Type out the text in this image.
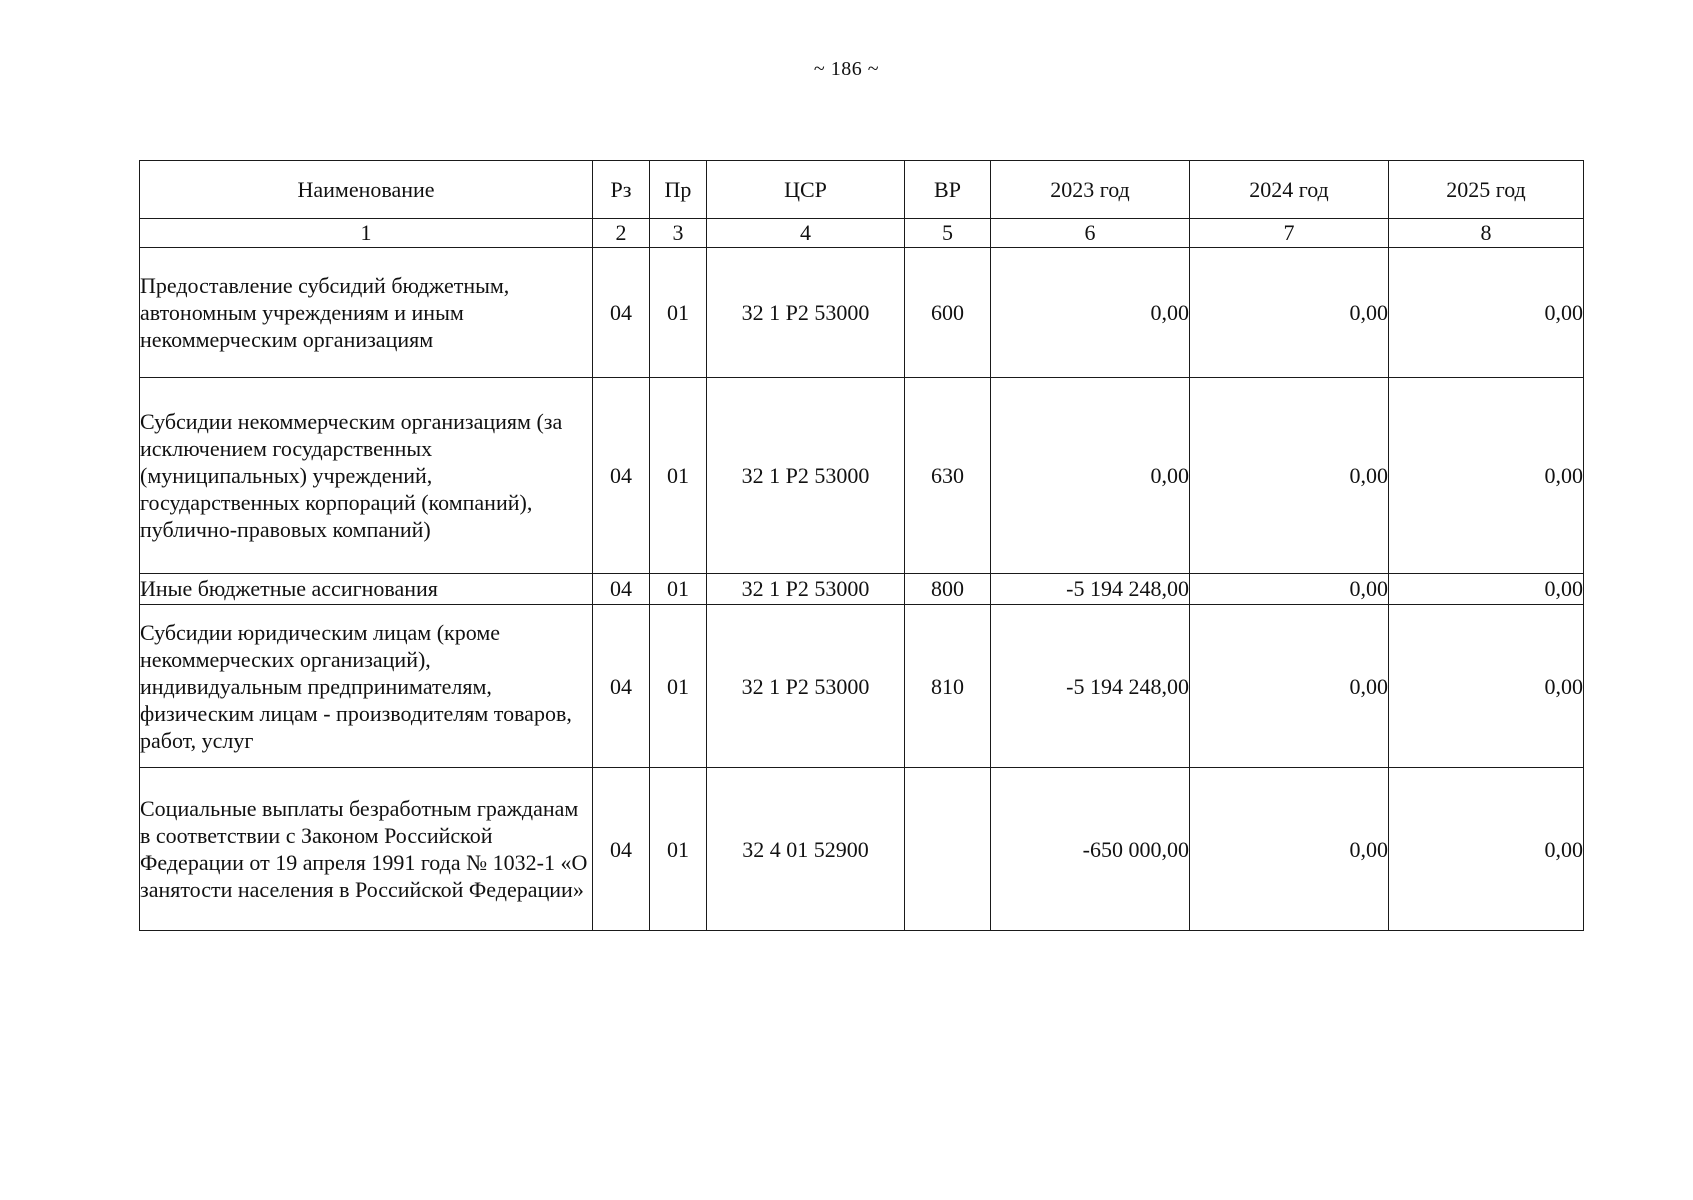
~ 186 ~
Наименование	Рз	Пр	ЦСР	ВР	2023 год	2024 год	2025 год
1	2	3	4	5	6	7	8
Предоставление субсидий бюджетным, автономным учреждениям и иным некоммерческим организациям	04	01	32 1 Р2 53000	600	0,00	0,00	0,00
Субсидии некоммерческим организациям (за исключением государственных (муниципальных) учреждений, государственных корпораций (компаний), публично-правовых компаний)	04	01	32 1 Р2 53000	630	0,00	0,00	0,00
Иные бюджетные ассигнования	04	01	32 1 Р2 53000	800	-5 194 248,00	0,00	0,00
Субсидии юридическим лицам (кроме некоммерческих организаций), индивидуальным предпринимателям, физическим лицам - производителям товаров, работ, услуг	04	01	32 1 Р2 53000	810	-5 194 248,00	0,00	0,00
Социальные выплаты безработным гражданам в соответствии с Законом Российской Федерации от 19 апреля 1991 года № 1032-1 «О занятости населения в Российской Федерации»	04	01	32 4 01 52900		-650 000,00	0,00	0,00
